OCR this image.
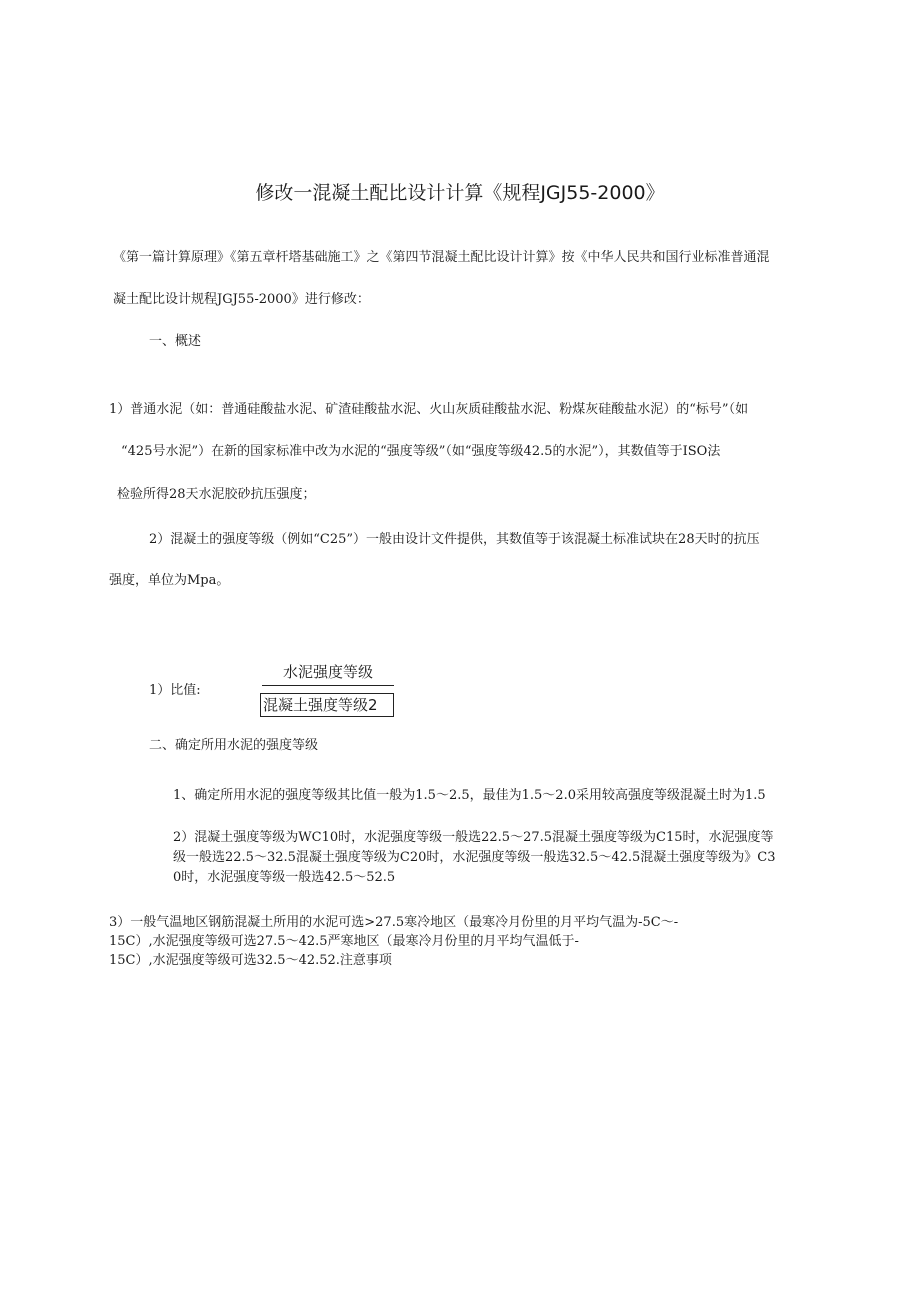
修改一混凝土配比设计计算《规程JGJ55-2000》
《第一篇计算原理》《第五章杆塔基础施工》之《第四节混凝土配比设计计算》按《中华人民共和国行业标准普通混
凝土配比设计规程JGJ55-2000》进行修改：
一、概述
1）普通水泥（如：普通硅酸盐水泥、矿渣硅酸盐水泥、火山灰质硅酸盐水泥、粉煤灰硅酸盐水泥）的“标号”（如
“425号水泥”）在新的国家标准中改为水泥的“强度等级”（如“强度等级42.5的水泥”），其数值等于ISO法
检验所得28天水泥胶砂抗压强度；
2）混凝土的强度等级（例如“C25”）一般由设计文件提供，其数值等于该混凝土标准试块在28天时的抗压
强度，单位为Mpa。
1）比值:
水泥强度等级
混凝土强度等级2
二、确定所用水泥的强度等级
1、确定所用水泥的强度等级其比值一般为1.5～2.5，最佳为1.5～2.0采用较高强度等级混凝土时为1.5
2）混凝土强度等级为WC10时，水泥强度等级一般选22.5～27.5混凝土强度等级为C15时，水泥强度等
级一般选22.5～32.5混凝土强度等级为C20时，水泥强度等级一般选32.5～42.5混凝土强度等级为》C3
0时，水泥强度等级一般选42.5～52.5
3）一般气温地区钢筋混凝土所用的水泥可选>27.5寒冷地区（最寒冷月份里的月平均气温为-5C～-
15C）,水泥强度等级可选27.5～42.5严寒地区（最寒冷月份里的月平均气温低于-
15C）,水泥强度等级可选32.5～42.52.注意事项
